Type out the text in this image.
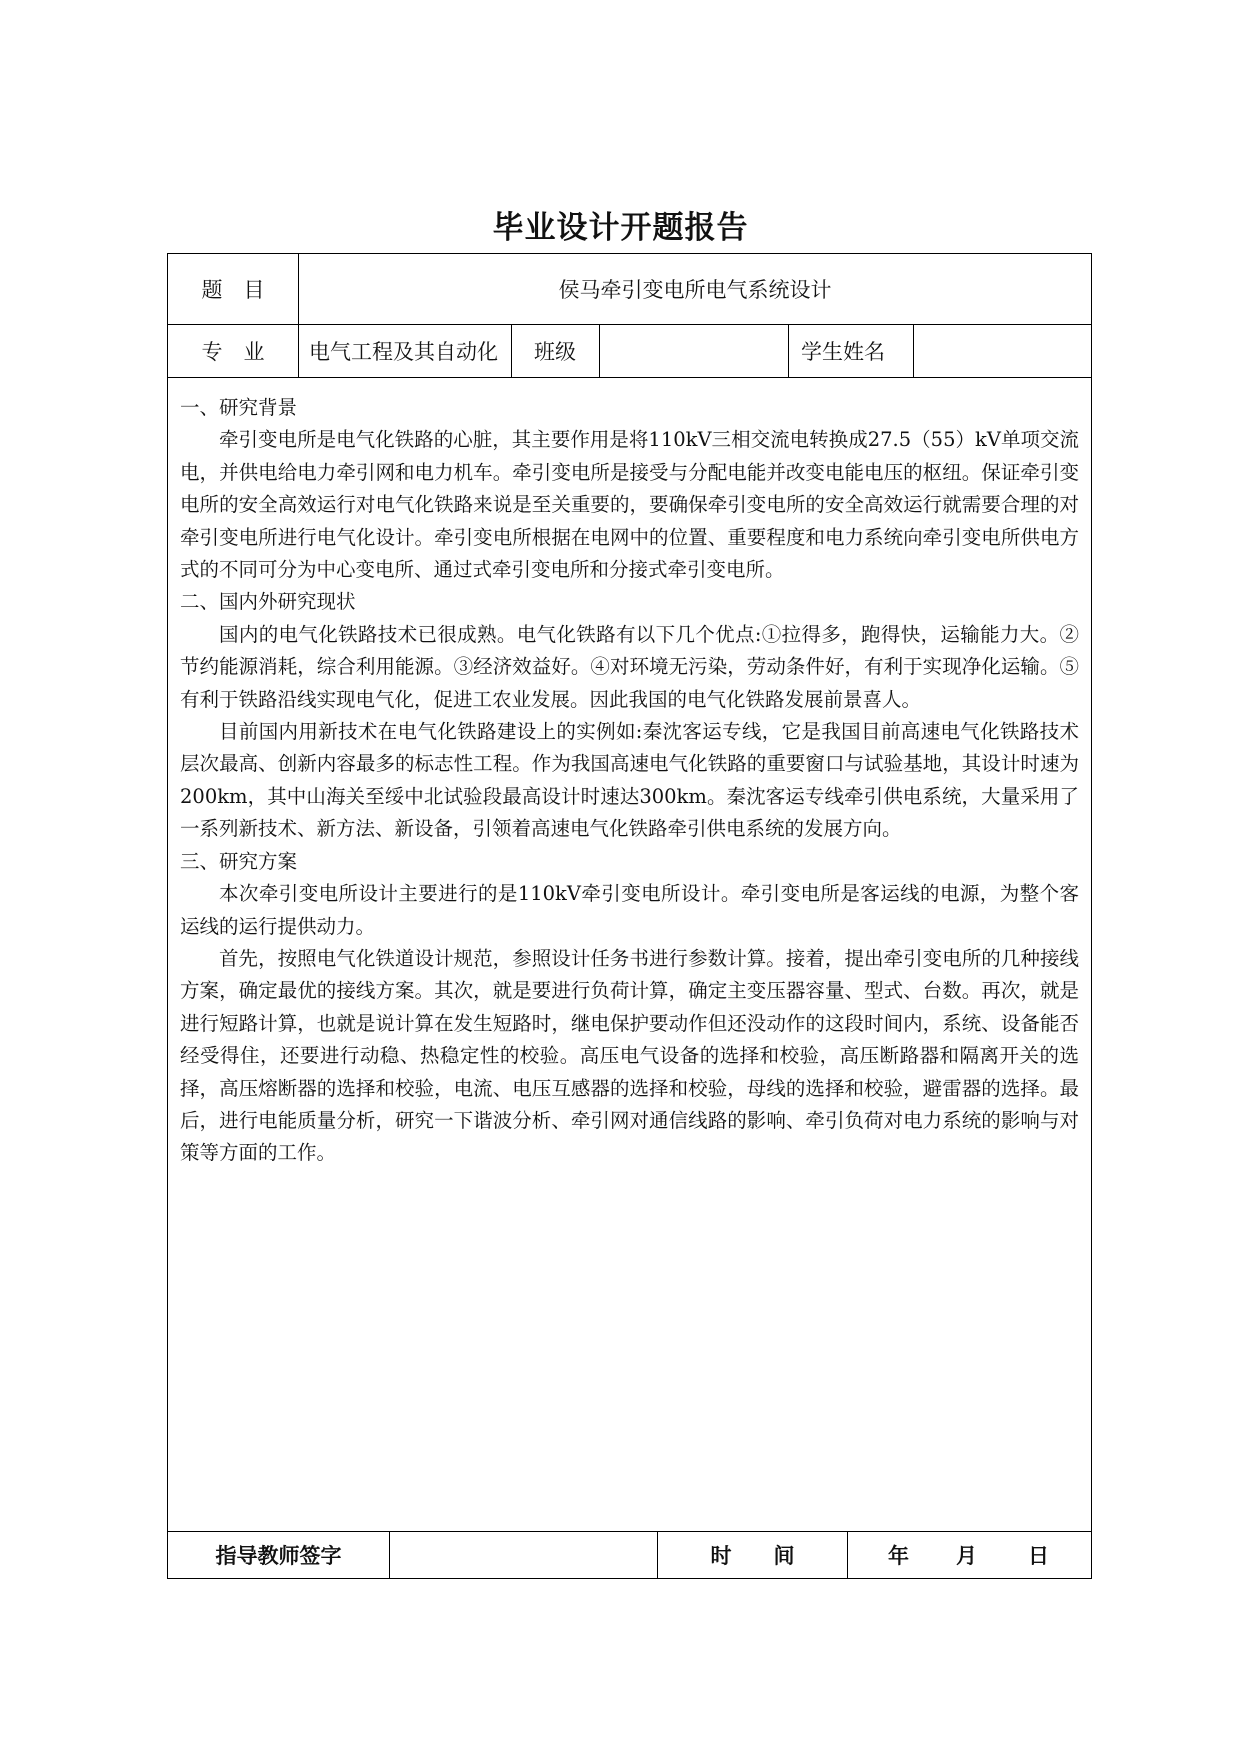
毕业设计开题报告
题　目	侯马牵引变电所电气系统设计
专　业 电气工程及其自动化 班级	学生姓名

一、研究背景

牵引变电所是电气化铁路的心脏，其主要作用是将110kV三相交流电转换成27.5（55）kV单项交流电，并供电给电力牵引网和电力机车。牵引变电所是接受与分配电能并改变电能电压的枢纽。保证牵引变电所的安全高效运行对电气化铁路来说是至关重要的，要确保牵引变电所的安全高效运行就需要合理的对牵引变电所进行电气化设计。牵引变电所根据在电网中的位置、重要程度和电力系统向牵引变电所供电方式的不同可分为中心变电所、通过式牵引变电所和分接式牵引变电所。

二、国内外研究现状

国内的电气化铁路技术已很成熟。电气化铁路有以下几个优点:①拉得多，跑得快，运输能力大。②节约能源消耗，综合利用能源。③经济效益好。④对环境无污染，劳动条件好，有利于实现净化运输。⑤有利于铁路沿线实现电气化，促进工农业发展。因此我国的电气化铁路发展前景喜人。

目前国内用新技术在电气化铁路建设上的实例如:秦沈客运专线，它是我国目前高速电气化铁路技术层次最高、创新内容最多的标志性工程。作为我国高速电气化铁路的重要窗口与试验基地，其设计时速为200km，其中山海关至绥中北试验段最高设计时速达300km。秦沈客运专线牵引供电系统，大量采用了一系列新技术、新方法、新设备，引领着高速电气化铁路牵引供电系统的发展方向。

三、研究方案

本次牵引变电所设计主要进行的是110kV牵引变电所设计。牵引变电所是客运线的电源，为整个客运线的运行提供动力。

首先，按照电气化铁道设计规范，参照设计任务书进行参数计算。接着，提出牵引变电所的几种接线方案，确定最优的接线方案。其次，就是要进行负荷计算，确定主变压器容量、型式、台数。再次，就是进行短路计算，也就是说计算在发生短路时，继电保护要动作但还没动作的这段时间内，系统、设备能否经受得住，还要进行动稳、热稳定性的校验。高压电气设备的选择和校验，高压断路器和隔离开关的选择，高压熔断器的选择和校验，电流、电压互感器的选择和校验，母线的选择和校验，避雷器的选择。最后，进行电能质量分析，研究一下谐波分析、牵引网对通信线路的影响、牵引负荷对电力系统的影响与对策等方面的工作。

指导教师签字	时　　间	年 月 日
